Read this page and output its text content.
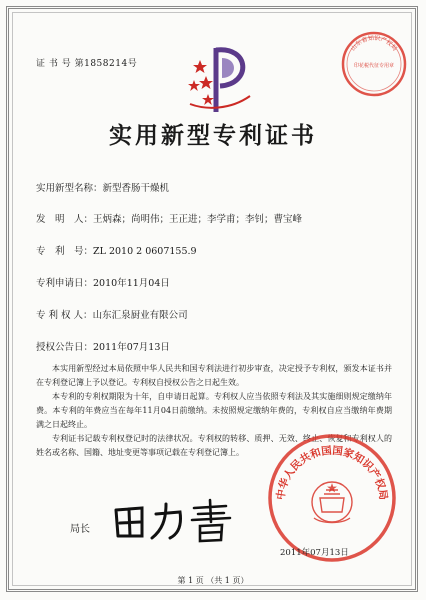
证 书 号 第1858214号
山东省知识产权局
印花税代征专用章
实用新型专利证书
实用新型名称：新型香肠干燥机
发　明　人：王炳森；尚明伟；王正进；李学甫；李钊；曹宝峰
专　利　号：ZL 2010 2 0607155.9
专利申请日：2010年11月04日
专 利 权 人：山东汇泉厨业有限公司
授权公告日：2011年07月13日

本实用新型经过本局依照中华人民共和国专利法进行初步审查，决定授予专利权，颁发本证书并在专利登记簿上予以登记。专利权自授权公告之日起生效。

本专利的专利权期限为十年，自申请日起算。专利权人应当依照专利法及其实施细则规定缴纳年费。本专利的年费应当在每年11月04日前缴纳。未按照规定缴纳年费的，专利权自应当缴纳年费期满之日起终止。

专利证书记载专利权登记时的法律状况。专利权的转移、质押、无效、终止、恢复和专利权人的姓名或名称、国籍、地址变更等事项记载在专利登记簿上。

局长
中华人民共和国国家知识产权局
2011年07月13日
第 1 页 （共 1 页）
